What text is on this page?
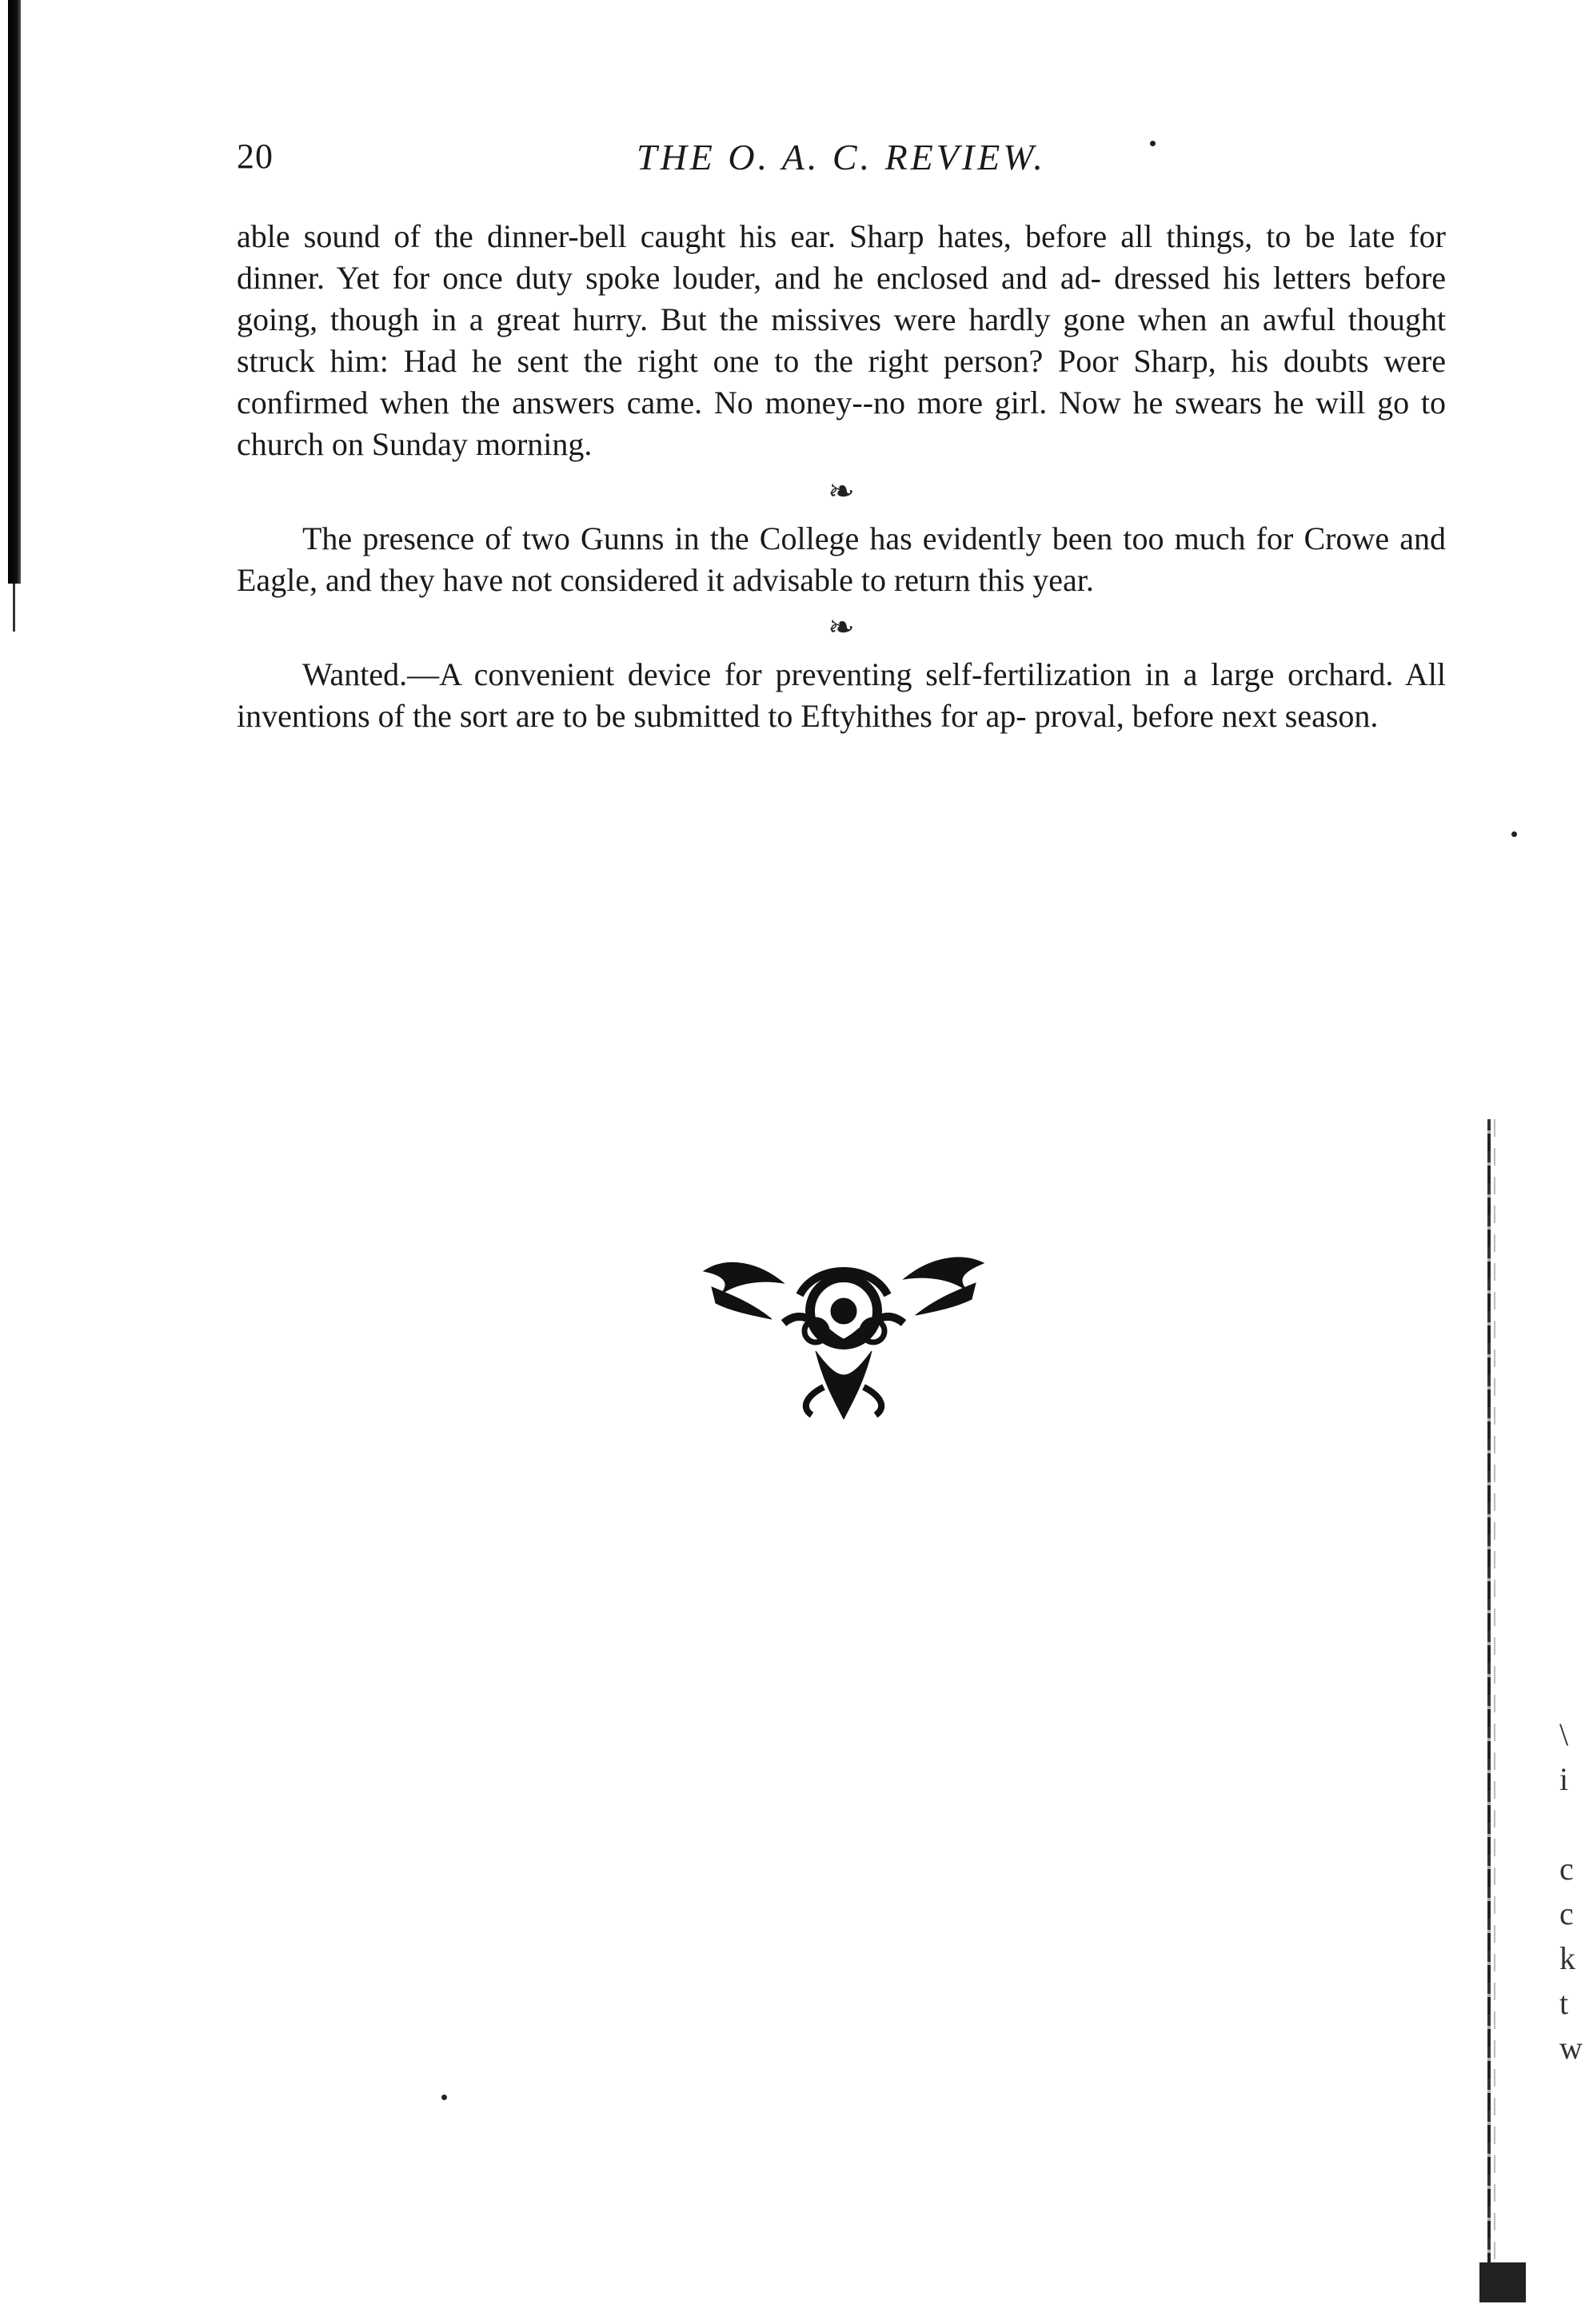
\
i
c
c
k
t
w
20	THE O. A. C. REVIEW.

able sound of the dinner-bell caught his ear. Sharp hates, before all things, to be late for dinner. Yet for once duty spoke louder, and he enclosed and ad- dressed his letters before going, though in a great hurry. But the missives were hardly gone when an awful thought struck him: Had he sent the right one to the right person? Poor Sharp, his doubts were confirmed when the answers came. No money--no more girl. Now he swears he will go to church on Sunday morning.

❧

The presence of two Gunns in the College has evidently been too much for Crowe and Eagle, and they have not considered it advisable to return this year.

❧

Wanted.—A convenient device for preventing self-fertilization in a large orchard. All inventions of the sort are to be submitted to Eftyhithes for ap- proval, before next season.
